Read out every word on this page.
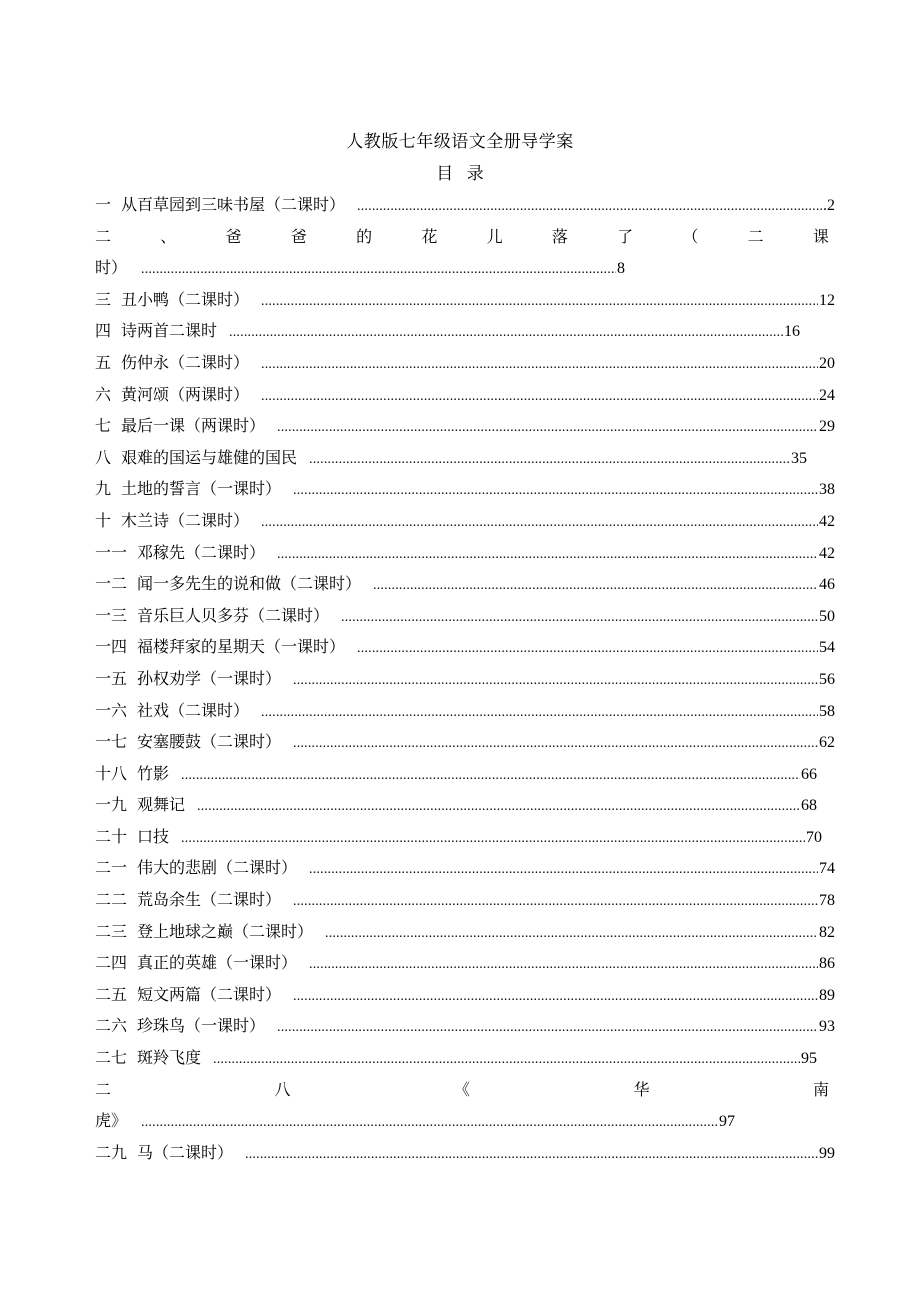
人教版七年级语文全册导学案
目 录
一 从百草园到三味书屋（二课时） .....	.2
二	、	爸	爸	的	花	儿	落	了	（	二	课
时） .....	8
三 丑小鸭（二课时） .....	12
四 诗两首二课时 .....	16
五 伤仲永（二课时） .....	20
六 黄河颂（两课时） .....	24
七 最后一课（两课时） .....	29
八 艰难的国运与雄健的国民 .....	35
九 土地的誓言（一课时） .....	38
十 木兰诗（二课时） .....	42
一一 邓稼先（二课时） .....	42
一二 闻一多先生的说和做（二课时） .....	46
一三 音乐巨人贝多芬（二课时） .....	50
一四 福楼拜家的星期天（一课时） .....	54
一五 孙权劝学（一课时） .....	56
一六 社戏（二课时） .....	58
一七 安塞腰鼓（二课时） .....	62
十八 竹影 .....	66
一九 观舞记 .....	68
二十 口技 .....	70
二一 伟大的悲剧（二课时） .....	74
二二 荒岛余生（二课时） .....	78
二三 登上地球之巅（二课时） .....	82
二四 真正的英雄（一课时） .....	86
二五 短文两篇（二课时） .....	89
二六 珍珠鸟（一课时） .....	93
二七 斑羚飞度 .....	95
二	八	《	华	南
虎》 .....	97
二九 马（二课时） .....	99
